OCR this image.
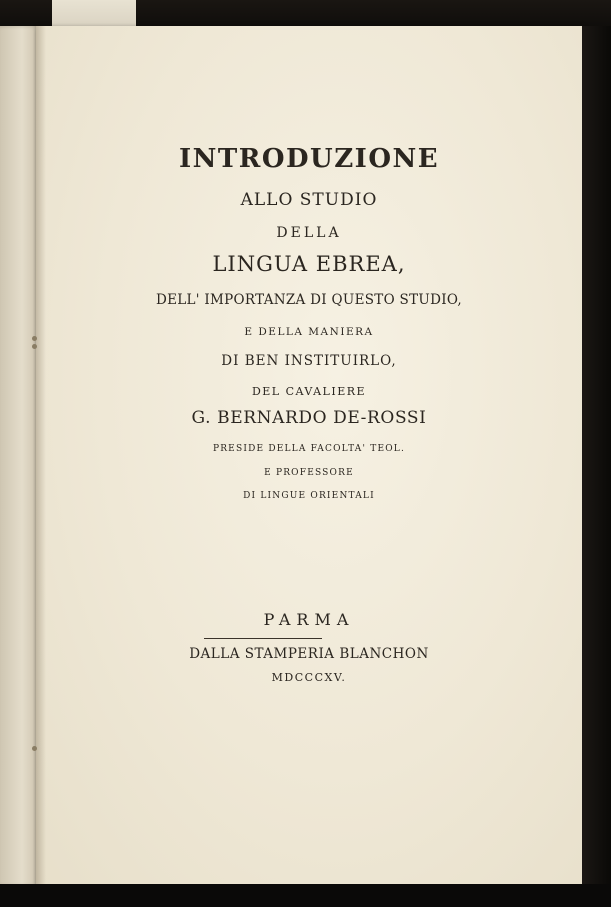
INTRODUZIONE
ALLO STUDIO
DELLA
LINGUA EBREA,
DELL' IMPORTANZA DI QUESTO STUDIO,
E DELLA MANIERA
DI BEN INSTITUIRLO,
DEL CAVALIERE
G. BERNARDO DE-ROSSI
PRESIDE DELLA FACOLTA' TEOL.
E PROFESSORE
DI LINGUE ORIENTALI
PARMA
DALLA STAMPERIA BLANCHON
MDCCCXV.
